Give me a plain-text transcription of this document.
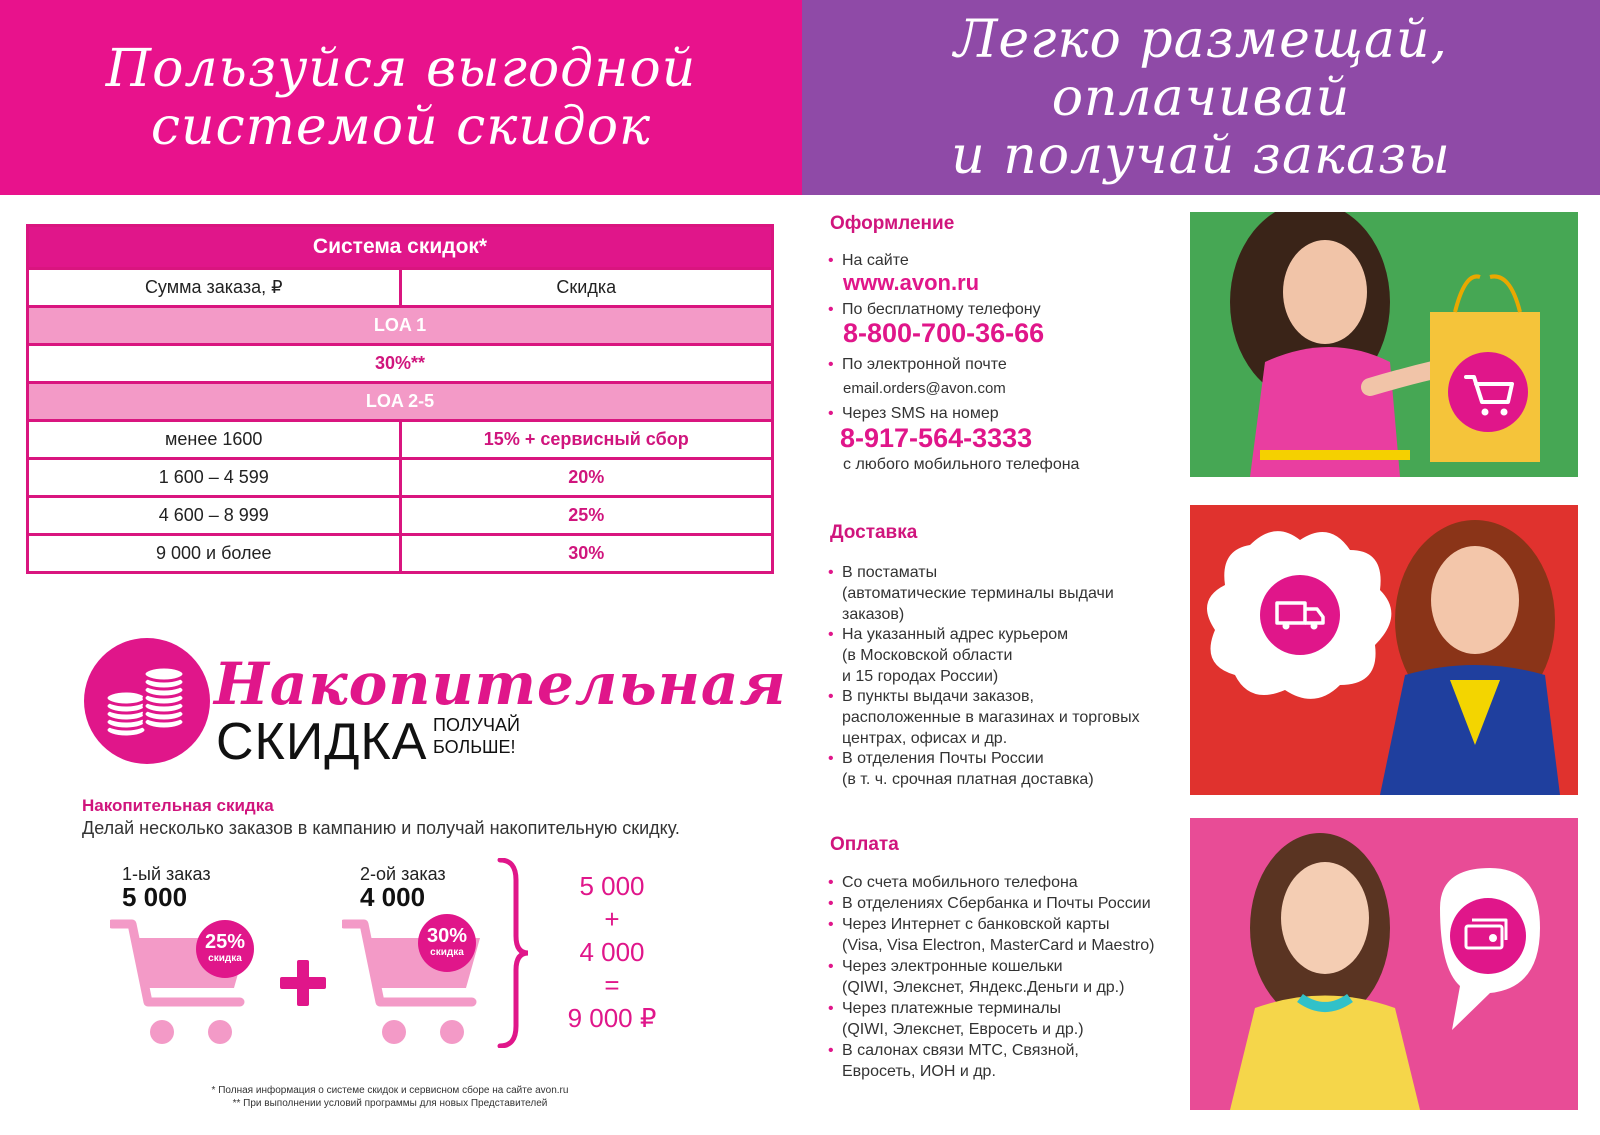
Пользуйся выгодной
системой скидок
Легко размещай, оплачивай
и получай заказы
Система скидок*
Сумма заказа, ₽	Скидка
LOA 1
30%**
LOA 2-5
менее 1600	15% + сервисный сбор
1 600 – 4 599	20%
4 600 – 8 999	25%
9 000 и более	30%
Накопительная
СКИДКА ПОЛУЧАЙ
БОЛЬШЕ!
Накопительная скидка
Делай несколько заказов в кампанию и получай накопительную скидку.
1-ый заказ
5 000
2-ой заказ
4 000
25%
скидка
30%
скидка
5 000
+
4 000
=
9 000 ₽
* Полная информация о системе скидок и сервисном сборе на сайте avon.ru
** При выполнении условий программы для новых Представителей
Оформление
• На сайте
www.avon.ru
• По бесплатному телефону
8-800-700-36-66
• По электронной почте
email.orders@avon.com
• Через SMS на номер
8-917-564-3333
с любого мобильного телефона
Доставка
• В постаматы
(автоматические терминалы выдачи
заказов)
• На указанный адрес курьером
(в Московской области
и 15 городах России)
• В пункты выдачи заказов,
расположенные в магазинах и торговых
центрах, офисах и др.
• В отделения Почты России
(в т. ч. срочная платная доставка)
Оплата
• Со счета мобильного телефона
• В отделениях Сбербанка и Почты России
• Через Интернет с банковской карты
(Visa, Visa Electron, MasterCard и Maestro)
• Через электронные кошельки
(QIWI, Элекснет, Яндекс.Деньги и др.)
• Через платежные терминалы
(QIWI, Элекснет, Евросеть и др.)
• В салонах связи МТС, Связной,
Евросеть, ИОН и др.
